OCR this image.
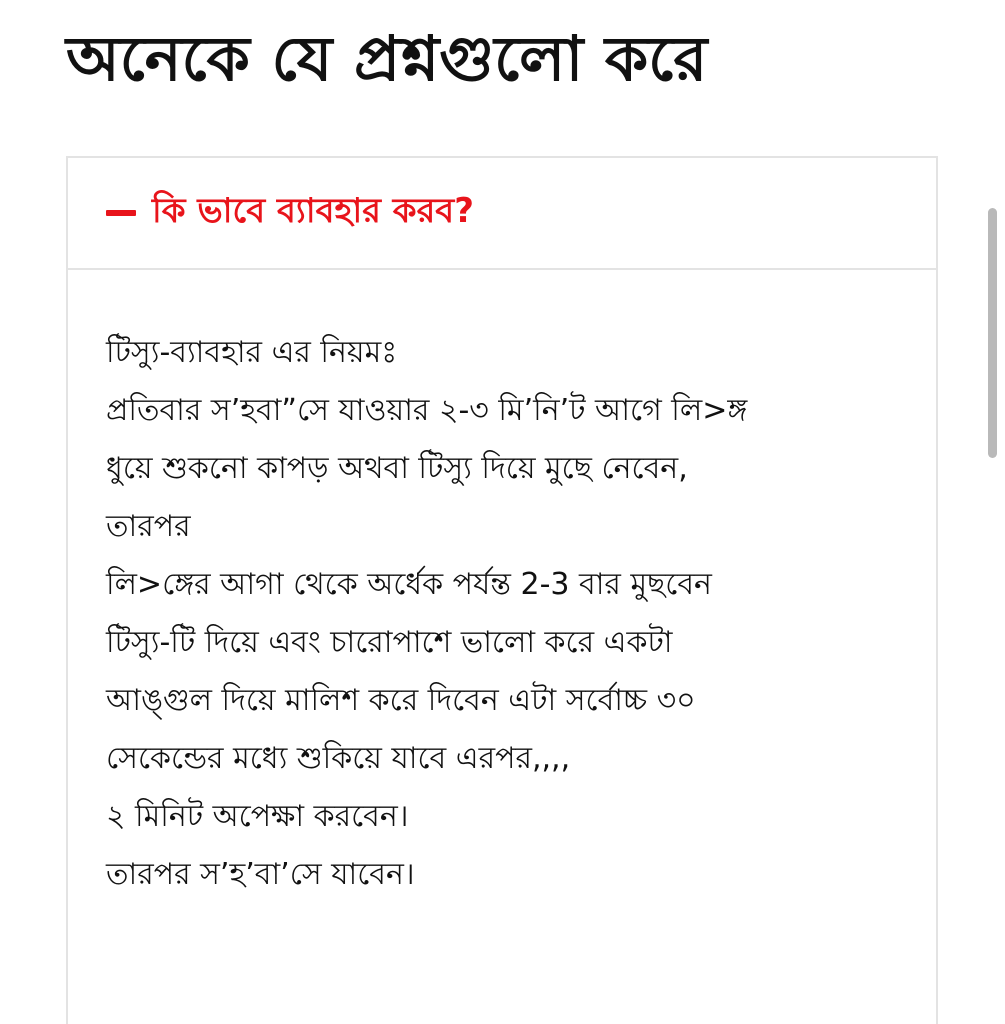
অনেকে যে প্রশ্নগুলো করে
কি ভাবে ব্যাবহার করব?
টিস্যু-ব্যাবহার এর নিয়মঃ
প্রতিবার স’হবা”সে যাওয়ার ২-৩ মি’নি’ট আগে লি>ঙ্গ
ধুয়ে শুকনো কাপড় অথবা টিস্যু দিয়ে মুছে নেবেন,
তারপর
লি>ঙ্গের আগা থেকে অর্ধেক পর্যন্ত 2-3 বার মুছবেন
টিস্যু-টি দিয়ে এবং চারোপাশে ভালো করে একটা
আঙ্গুল দিয়ে মালিশ করে দিবেন এটা সর্বোচ্চ ৩০
সেকেন্ডের মধ্যে শুকিয়ে যাবে এরপর,,,,
২ মিনিট অপেক্ষা করবেন।
তারপর স’হ’বা’সে যাবেন।
